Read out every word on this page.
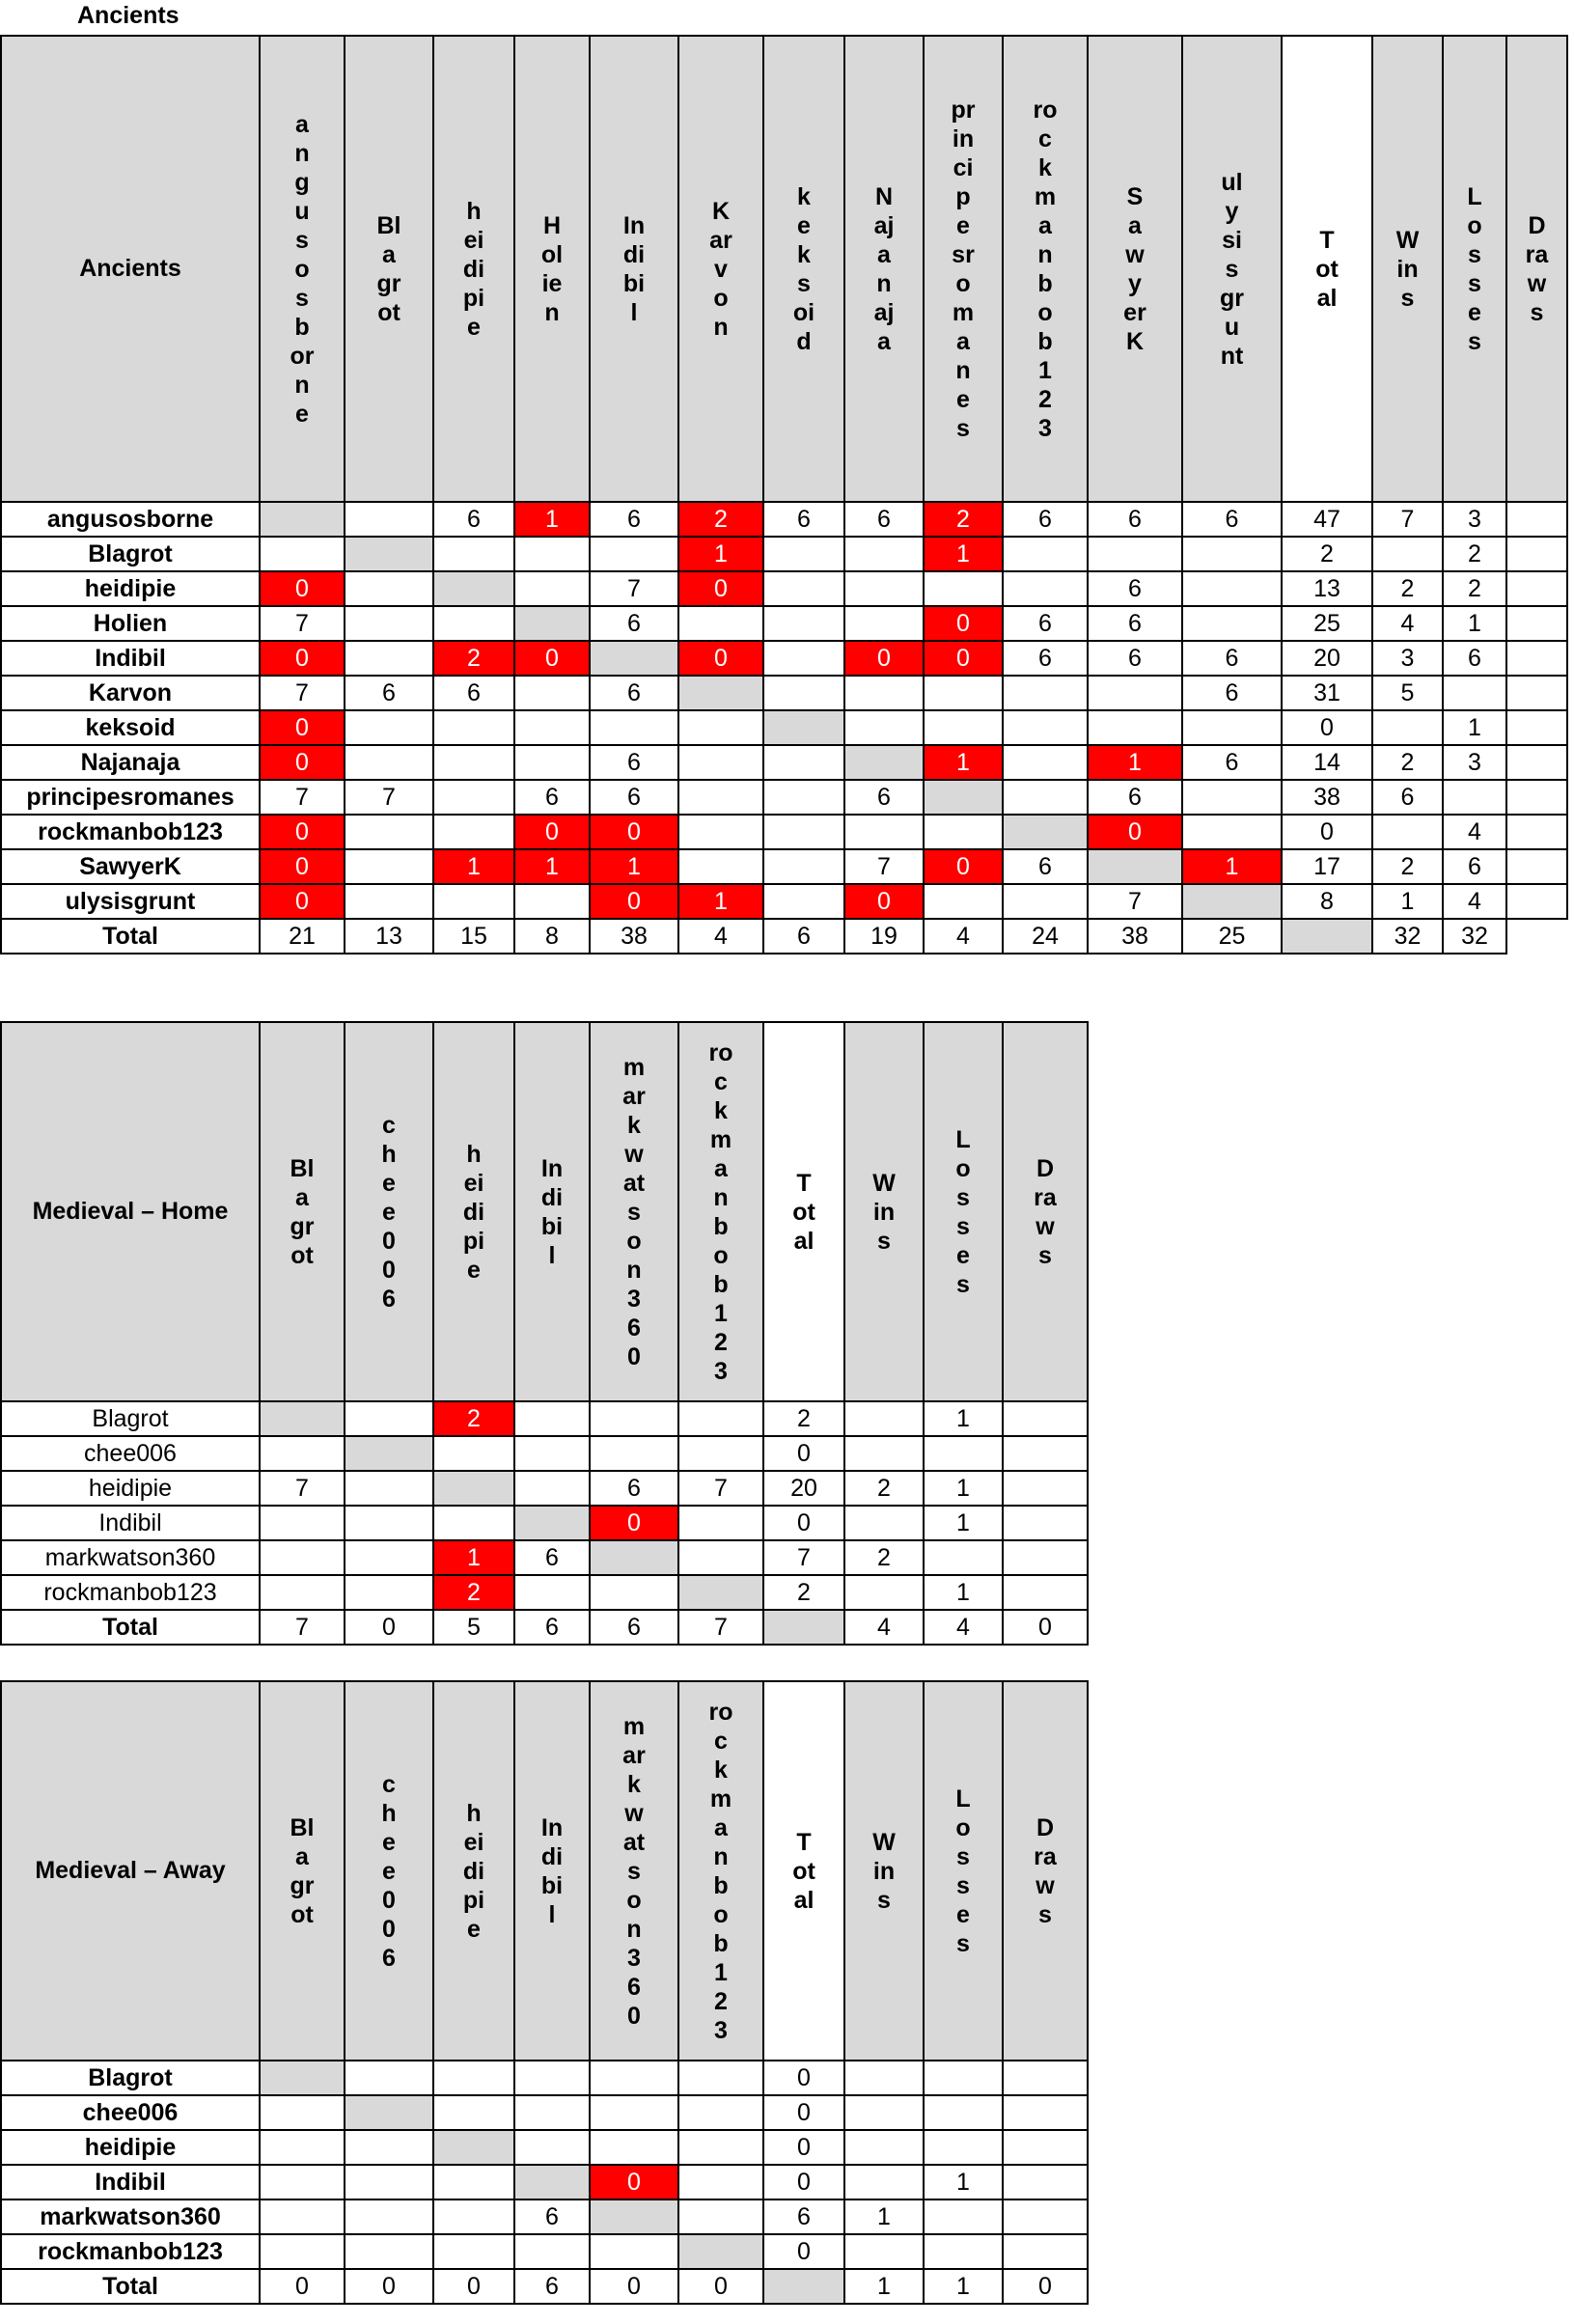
Ancients
Ancients	angusosborne	Blagrot	heidipie	Holien	Indibil	Karvon	keksoid	Najanaja	principesromanes	rockmanbob123	SawyerK	ulysisgrunt	Total	Wins	Losses	Draws
angusosborne			6	1	6	2	6	6	2	6	6	6	47	7	3	
Blagrot						1			1				2		2	
heidipie	0				7	0					6		13	2	2	
Holien	7				6				0	6	6		25	4	1	
Indibil	0		2	0		0		0	0	6	6	6	20	3	6	
Karvon	7	6	6		6							6	31	5		
keksoid	0												0		1	
Najanaja	0				6				1		1	6	14	2	3	
principesromanes	7	7		6	6			6			6		38	6		
rockmanbob123	0			0	0						0		0		4	
SawyerK	0		1	1	1			7	0	6		1	17	2	6	
ulysisgrunt	0				0	1		0			7		8	1	4	
Total	21	13	15	8	38	4	6	19	4	24	38	25		32	32	
Medieval – Home	Blagrot	chee006	heidipie	Indibil	markwatson360	rockmanbob123	Total	Wins	Losses	Draws
Blagrot			2				2		1	
chee006							0			
heidipie	7				6	7	20	2	1	
Indibil					0		0		1	
markwatson360			1	6			7	2		
rockmanbob123			2				2		1	
Total	7	0	5	6	6	7		4	4	0
Medieval – Away	Blagrot	chee006	heidipie	Indibil	markwatson360	rockmanbob123	Total	Wins	Losses	Draws
Blagrot							0			
chee006							0			
heidipie							0			
Indibil					0		0		1	
markwatson360				6			6	1		
rockmanbob123							0			
Total	0	0	0	6	0	0		1	1	0
